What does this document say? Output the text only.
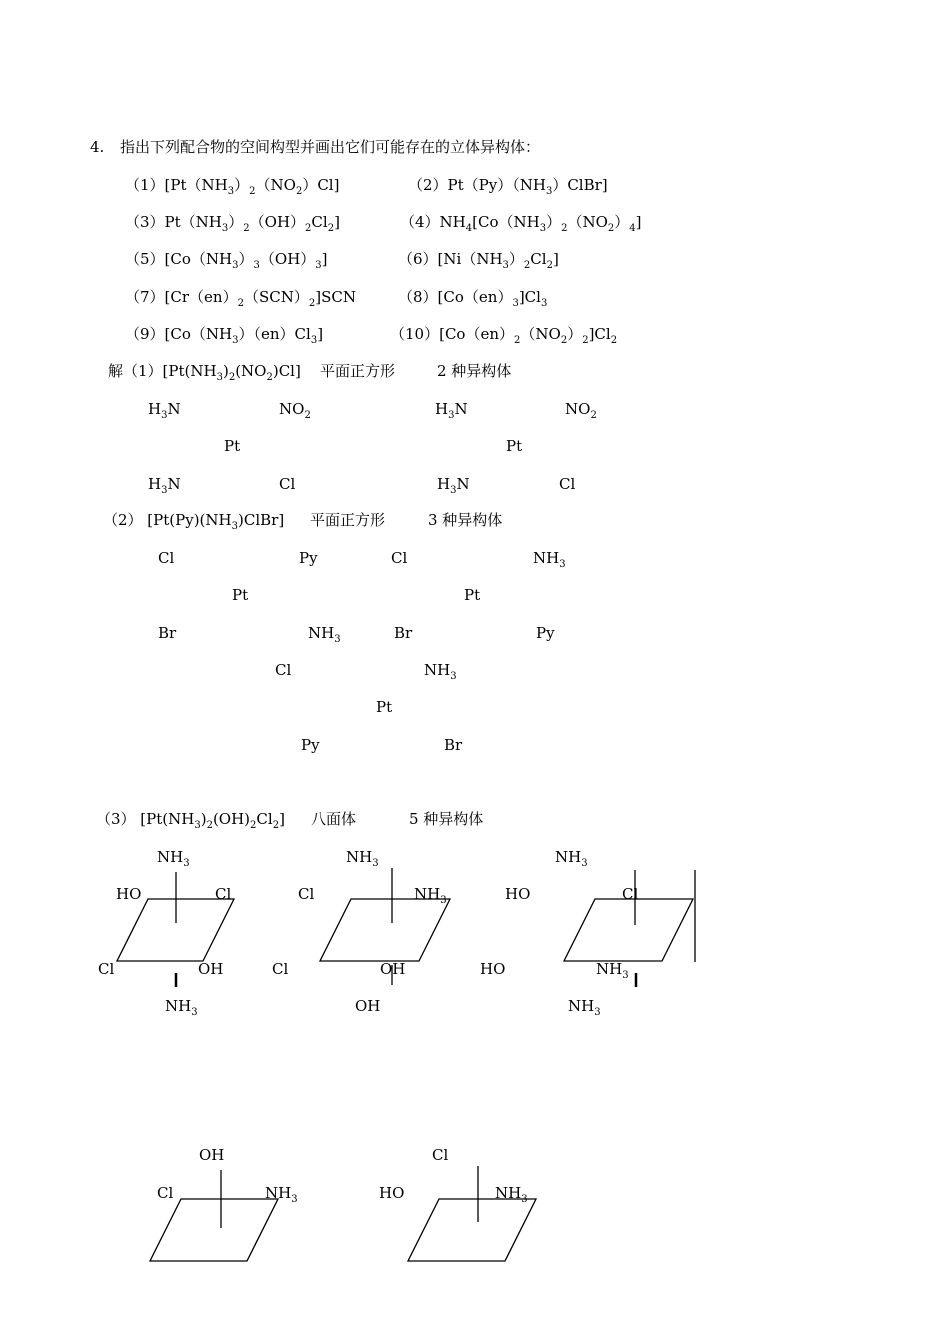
4. 指出下列配合物的空间构型并画出它们可能存在的立体异构体：
$(1)[Pt(NH_3)_2(NO_2)Cl]$	$(2)Pt(Py)(NH_3)ClBr$]
$(3)Pt(NH_3)_2(OH)_2Cl_2$]	$(4)NH_4[Co(NH_3)_2(NO_2)_4]$
$(5)[Co(NH_3)_3(OH)_3]$	$(6)[Ni(NH_3)_2Cl_2]$
$(7)[Cr(en)_2(SCN)_2]SCN$	$(8)[Co(en)_3]Cl_3$
$(9)[Co(NH_3)(en)Cl_3]$	$(10)[Co(en)_2(NO_2)_2]Cl_2$
解$(1)[Pt(NH_3)_2(NO_2)Cl]$ 平面正方形	2 种异构体
$H_3N$	$NO_2$
Pt
$H_3N$	Cl
$H_3N$	$NO_2$
Pt
$H_3N$	Cl
（2） $[Pt(Py)(NH_3)ClBr]$ 平面正方形	3 种异构体
Cl	Py
Pt
Br	$NH_3$
Cl	$NH_3$
Pt
Br	Py
Cl	$NH_3$
Pt
Py	Br
（3） $[Pt(NH_3)_2(OH)_2Cl_2]$ 八面体	5 种异构体
$NH_3$
HO	Cl
Cl	OH
$NH_3$
$NH_3$
Cl	$NH_3$
Cl	OH
OH
$NH_3$
HO	Cl
HO	$NH_3$
$NH_3$
OH
Cl	$NH_3$
Cl
HO	$NH_3$
